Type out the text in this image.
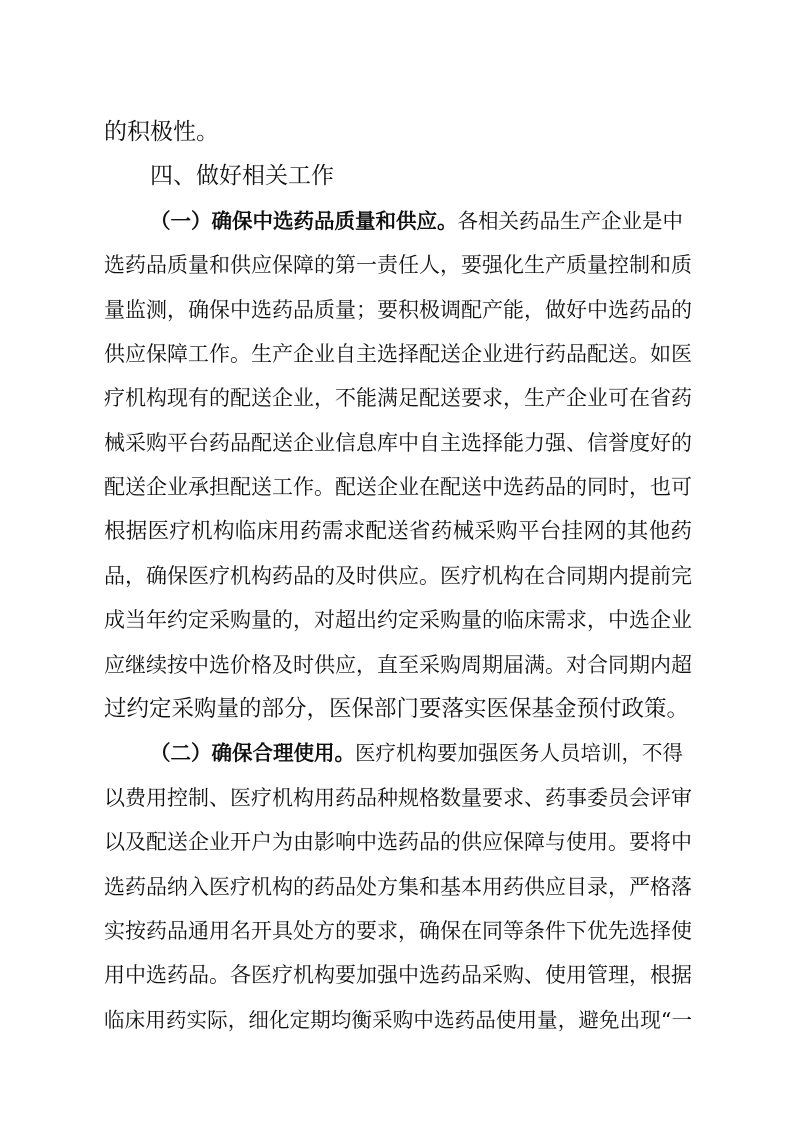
的积极性。
四、做好相关工作
（一）确保中选药品质量和供应。各相关药品生产企业是中
选药品质量和供应保障的第一责任人，要强化生产质量控制和质
量监测，确保中选药品质量；要积极调配产能，做好中选药品的
供应保障工作。生产企业自主选择配送企业进行药品配送。如医
疗机构现有的配送企业，不能满足配送要求，生产企业可在省药
械采购平台药品配送企业信息库中自主选择能力强、信誉度好的
配送企业承担配送工作。配送企业在配送中选药品的同时，也可
根据医疗机构临床用药需求配送省药械采购平台挂网的其他药
品，确保医疗机构药品的及时供应。医疗机构在合同期内提前完
成当年约定采购量的，对超出约定采购量的临床需求，中选企业
应继续按中选价格及时供应，直至采购周期届满。对合同期内超
过约定采购量的部分，医保部门要落实医保基金预付政策。
（二）确保合理使用。医疗机构要加强医务人员培训，不得
以费用控制、医疗机构用药品种规格数量要求、药事委员会评审
以及配送企业开户为由影响中选药品的供应保障与使用。要将中
选药品纳入医疗机构的药品处方集和基本用药供应目录，严格落
实按药品通用名开具处方的要求，确保在同等条件下优先选择使
用中选药品。各医疗机构要加强中选药品采购、使用管理，根据
临床用药实际，细化定期均衡采购中选药品使用量，避免出现“一
